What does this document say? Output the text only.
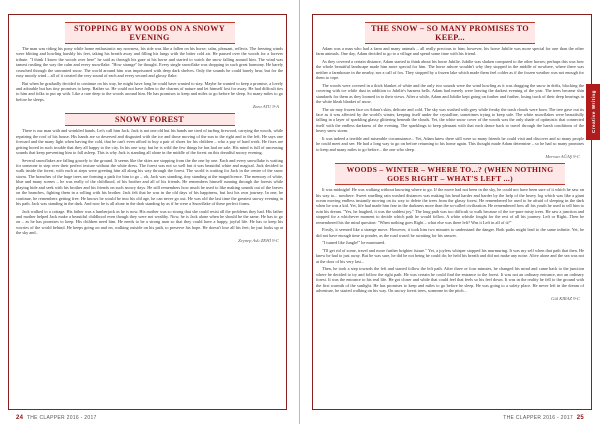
STOPPING BY WOODS ON A SNOWY EVENING

The man was riding his pony while home enthusiastic my nowness, his ride was like a fallen on his horse; calm, pleasant, reflects. The freezing winds were blitting and howling harshly his feet, taking his breath away and filling his lungs with the bitter cold air. He paused over the woods for a forever tribute. "I think I know the woods over here" he said as through his gaze at his horse and started to watch the snow falling around him. The wind was tamest rustling the way the calm and every snowflake. "How strange" he thought. Every single snowflake was dropping in such great harmony. He barely crunched through the unwanted snow. The world around him was imprisoned with deep dark shelves. Only the sounds he could barely hear, but for the easy moody wind – all of it created the very sound of each and every second and glossy flake.

But when he gradually decided to continue on his way, he might have long he could have wanted to stay. Maybe he wanted to keep a promise, a lovely and adorable but has tiny promises to keep. Rather so. He could not have fallen to the charms of nature and let himself lost for away. He had difficult ties to him and folks to put up with. Like a rare deep to the woods around him. He has promises to keep and miles to go before he sleep. So many miles to go before he sleeps.

Zara ATU 9-A
SNOWY FOREST

There is our man with and wrinkled hands. Let's call him Jack. Jack is not one old but his hands are tired of turfing firewood, carrying the woods, while repairing the roof of his house. His hands are so deserved and disgusted with the ice and those moving of the sun to the right and to the left. He says one forward and the many light when having the cold, that he can't even afford to buy a pair of shoes for his children – who a pay of hard work. He fixes are getting bored in such trouble that they all happy to the city. In his one way, but he is wild the few things he has had on sale. His mind is full of unceasing sounds that keep preventing him to fall asleep. This is why Jack is standing all alone in the middle of the forest on this dreadful snowy evening.

Several snowflakes are falling gracely to the ground. It seems like the skies are stopping from the the one by one. Each and every snowflake is waiting for someone to step over their perfect texture without the white dress. The forest was not so well but it was beautiful white and magical. Jack decided to walk inside the forest, with each at steps were greeting him all along his way through the forest. The world is waiting for Jack in the centre of the snow storm. The branches of the huge trees are forming a path for him to go – oh, Jack was standing, tiny standing at the magnificence. The memory of white, blue and many scenes – he was really of the childhood, of his brother and all of his friends. He remembers himself running through the forests while playing hide and seek with his brother and his friends on such snowy days. He still remembers how much he used to like making sounds out of the leaves on the branches, fighting them in a rolling with his brother. Jack felt that he was in the old days of his happiness, but lost his own journey. In one, he continue, he remembers getting free. He knows he would be into his old age, he can never go out. He was old the last time the greatest snowy evening in his path. Jack was standing in the dark. And now he is all alone in the dark standing by as if he were a Snowflake of these perfect forms.

Jack walked to a cottage. His father was a lumberjack as he is now. His mother was so strong that she could resist all the problems they had. His father and mother helped Jack make a beautiful childhood even though they were not wealthy. Now, he is Jack alone when he should be the same. He has to go on – as he has promises to keep. His children need him. He needs to be a strong man so that they could have a happy, joyful life. He has to keep his worries of the world behind. He keeps going on and on, walking outside on his path, to preserve his hope. He doesn't lose all his feet; he just looks up at the sky and..

Zeynep Aslı ZEHİ 9-C
24 THE CLAPPER 2016 - 2017
Creative Writing
THE SNOW – SO MANY PROMISES TO KEEP...

Adam was a man who had a farm and many animals – all really precious to him; however, his horse Jubilie was more special for one than the other farm animals. One day, Adam decided to go to a village and spend some time with his friend.

As they covered a certain distance, Adam started to think about his horse Jubilie. Jubilie was shaken compared to the other horses; perhaps this was how the whole beautiful landscape made him more special for him. The horse ashore wouldn't why they stopped in the middle of nowhere, where there was neither a farmhouse in the nearby, nor a call of fox. They stopped by a frozen lake which made them feel colder as if the frozen weather was not enough for them to cope.

The woods were covered in a thick blanket of white and the only two sounds were the wind howling as it was dragging the snow in drifts, blocking the covering with ice while dust in addition to Jubilie's harness bells. Adam had merely were leaving the darkest evening of the year. The trees became shin standards for them as they loomed in to their views. After a while, Adam and Jubilie kept going on further and further, losing track of their deep bearings in the white bleak blanket of snow.

The air may frozen face on Adam's skin, delicate and cold. The sky was washed with grey while freaky the trash clouds were born. The tree gave out its face as it was affected by the world's winter, keeping itself under the crystalline, sometimes trying to keep safe. The white snowflakes were beautifully falling in a layer of sparkling glassy glittering beneath the clouds. Yet, the white snow cover of the woods was the only shade of optimistic that connected itself with the endless darkness of the evening. The sparklings to keep pleasant with that each dance back to travel through the harsh conditions of the heavy snow storm.

It was indeed a terrible and miserable circumstance... Yet, Adam knew there still were so many friends he could visit and discover and so many people he could meet and see. He had a long way to go on before returning to his home again. This thought made Adam determine – so he had so many promises to keep and many miles to go before... the one who sleep.

Mervan AĞAŞ 9-C
WOODS – WINTER – WHERE TO...? (WHEN NOTHING GOES RIGHT – WHAT'S LEFT ...)

It was midnight! He was walking without knowing where to go. If the move had not been in the sky, he could not have been sure of it which he saw on his way to... nowhere. Sweet smelling rain washed distances was making his head harder and harder by the help of the heavy fog which was like a giant ocean moving endless instantly moving on its way to delete the trees from the glassy forest. He remembered he used to be afraid of sleeping in the dark when he was a kid. Yet, life had made him fear in the darkness more than the so-called civilization. He remembered how all his youth he used to tell him to ruin his dream. "Yes, he laughed, it was the saddest joy." The long path was too difficult to walk because of the ice-pure misty trees. He saw a junction and stopped for a whichever moment to decide which path he would follow. A white whistle fought for the rest of all his journey. Left or Right...Then he remembered his the mind question: "When nothing goes Right – what else was there left? Was it Left in all of it?"

Firstly, it seemed like a strange move. However, it took him two minutes to understand the danger. Both paths might lead to the same infinite. Yet, he did not have enough time to ponder, as the road wasn't be awaiting for his answer.

"I turned like Jungle!" he murmured.

"I'll get rid of some, travel and more further brighter future." Yet, a joyless whisper stopped his murmuring. It was my self when that path that then. He knew he had to just away. But he was sure, he did be not being he could do; he held his breath and did not make any noise. Alive alone and the sea was not at the door of his very last...

Then, he took a step towards the left and started follow the left path. After three or four minutes, he changed his mind and came back to the junction where he decided to try and follow the right path. He was certain he could find the entrance to the forest. It was not an ordinary entrance, nor an ordinary forest. It was the entrance to his real life. He got closer and while that could feel that feels so his feel down. It was in the reality he fell to the ground with the first warmth of the sunlight. He has promises to keep and miles to go before he sleep. He was going to a safety place. He never left in the dream of adventure, he started walking on his way. On snowy forest trees, someone in the pitch...

Gül KIRAZ 9-C
THE CLAPPER 2016 - 2017 25
